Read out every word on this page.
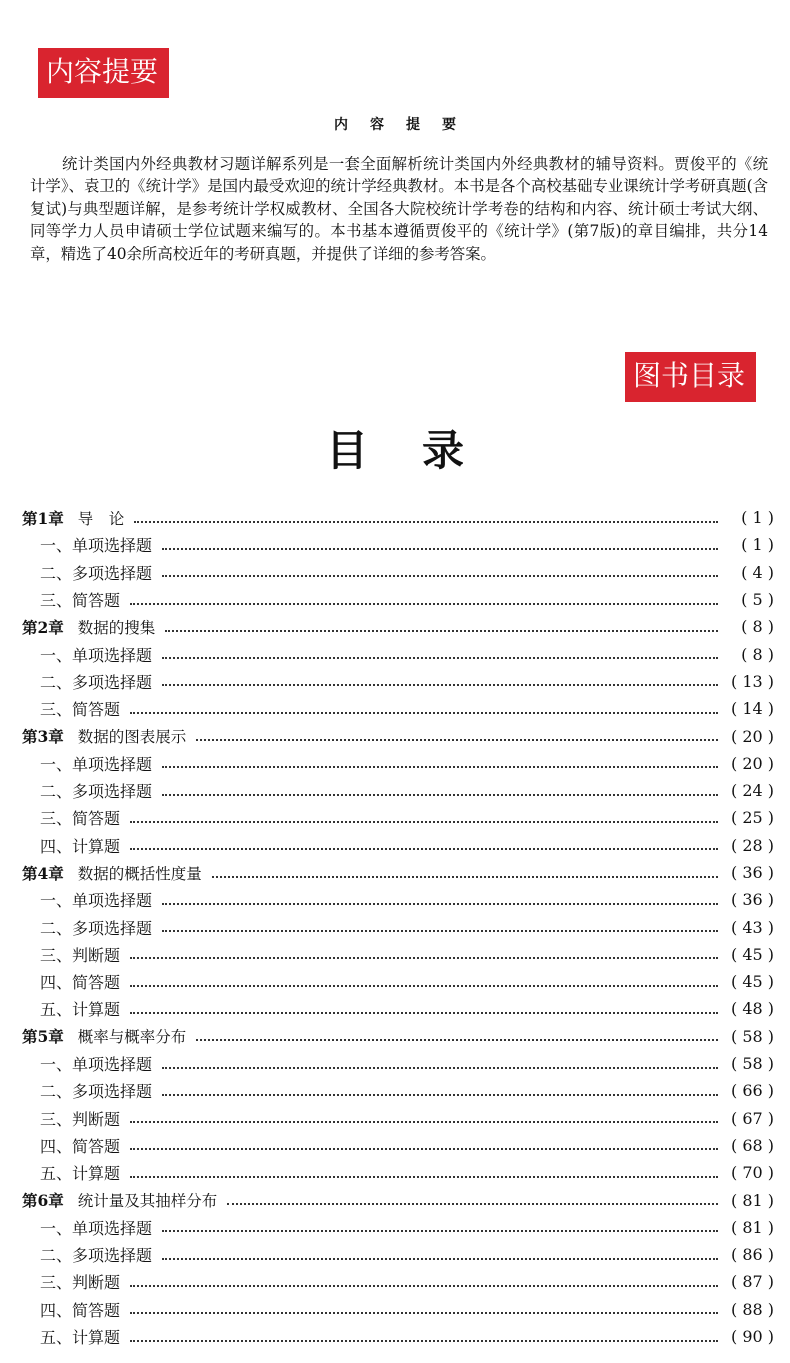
内容提要
内容提要

统计类国内外经典教材习题详解系列是一套全面解析统计类国内外经典教材的辅导资料。贾俊平的《统计学》、袁卫的《统计学》是国内最受欢迎的统计学经典教材。本书是各个高校基础专业课统计学考研真题(含复试)与典型题详解，是参考统计学权威教材、全国各大院校统计学考卷的结构和内容、统计硕士考试大纲、同等学力人员申请硕士学位试题来编写的。本书基本遵循贾俊平的《统计学》(第7版)的章目编排，共分14章，精选了40余所高校近年的考研真题，并提供了详细的参考答案。

图书目录
目录
第1章 导　论	( 1 )
一、单项选择题	( 1 )
二、多项选择题	( 4 )
三、简答题	( 5 )
第2章 数据的搜集	( 8 )
一、单项选择题	( 8 )
二、多项选择题	( 13 )
三、简答题	( 14 )
第3章 数据的图表展示	( 20 )
一、单项选择题	( 20 )
二、多项选择题	( 24 )
三、简答题	( 25 )
四、计算题	( 28 )
第4章 数据的概括性度量	( 36 )
一、单项选择题	( 36 )
二、多项选择题	( 43 )
三、判断题	( 45 )
四、简答题	( 45 )
五、计算题	( 48 )
第5章 概率与概率分布	( 58 )
一、单项选择题	( 58 )
二、多项选择题	( 66 )
三、判断题	( 67 )
四、简答题	( 68 )
五、计算题	( 70 )
第6章 统计量及其抽样分布	( 81 )
一、单项选择题	( 81 )
二、多项选择题	( 86 )
三、判断题	( 87 )
四、简答题	( 88 )
五、计算题	( 90 )
